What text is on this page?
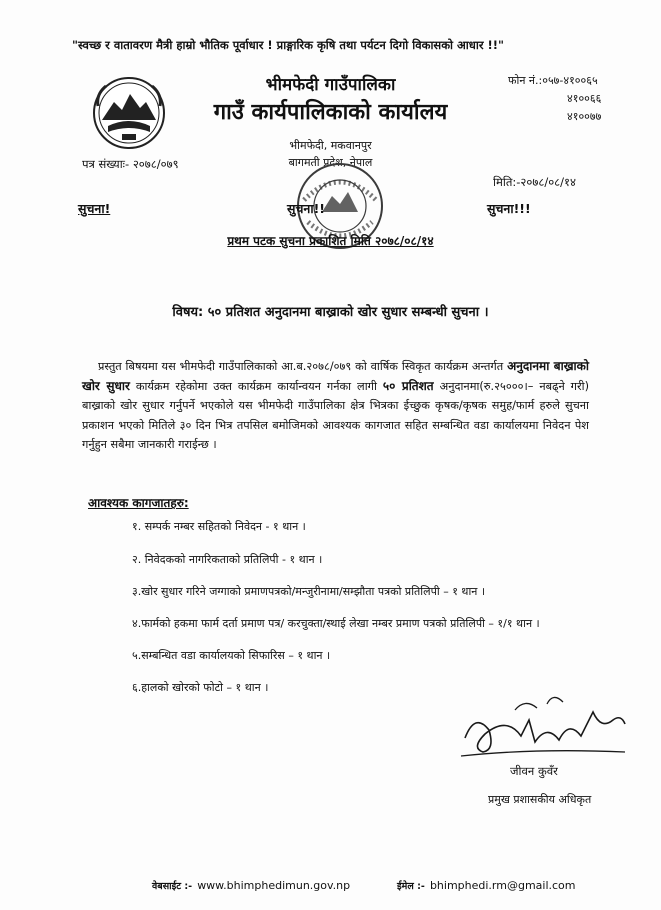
"स्वच्छ र वातावरण मैत्री हाम्रो भौतिक पूर्वाधार ! प्राङ्गारिक कृषि तथा पर्यटन दिगो विकासको आधार !!"
भीमफेदी गाउँपालिका
गाउँ कार्यपालिकाको कार्यालय
फोन नं.:०५७-४१००६५
४१००६६
४१००७७
भीमफेदी, मकवानपुर
बागमती प्रदेश, नेपाल
पत्र संख्याः- २०७८/०७९
मिति:-२०७८/०८/१४
सुचना!	सुचना!!	सुचना!!!
प्रथम पटक सुचना प्रकाशित मिति २०७८/०८/१४
विषय: ५० प्रतिशत अनुदानमा बाख्राको खोर सुधार सम्बन्धी सुचना ।
प्रस्तुत बिषयमा यस भीमफेदी गाउँपालिकाको आ.ब.२०७८/०७९ को वार्षिक स्विकृत कार्यक्रम अन्तर्गत अनुदानमा बाख्राको खोर सुधार कार्यक्रम रहेकोमा उक्त कार्यक्रम कार्यान्वयन गर्नका लागी ५० प्रतिशत अनुदानमा(रु.२५०००।– नबढ्ने गरी) बाख्राको खोर सुधार गर्नुपर्ने भएकोले यस भीमफेदी गाउँपालिका क्षेत्र भित्रका ईच्छुक कृषक/कृषक समुह/फार्म हरुले सुचना प्रकाशन भएको मितिले ३० दिन भित्र तपसिल बमोजिमको आवश्यक कागजात सहित सम्बन्धित वडा कार्यालयमा निवेदन पेश गर्नुहुन सबैमा जानकारी गराईन्छ ।
आवश्यक कागजातहरु:
१. सम्पर्क नम्बर सहितको निवेदन - १ थान ।
२. निवेदकको नागरिकताको प्रतिलिपी - १ थान ।
३.खोर सुधार गरिने जग्गाको प्रमाणपत्रको/मन्जुरीनामा/सम्झौता पत्रको प्रतिलिपी – १ थान ।
४.फार्मको हकमा फार्म दर्ता प्रमाण पत्र/ करचुक्ता/स्थाई लेखा नम्बर प्रमाण पत्रको प्रतिलिपी – १/१ थान ।
५.सम्बन्धित वडा कार्यालयको सिफारिस – १ थान ।
६.हालको खोरको फोटो – १ थान ।
जीवन कुवँर
प्रमुख प्रशासकीय अधिकृत
वेबसाईट :- www.bhimphedimun.gov.np	ईमेल :- bhimphedi.rm@gmail.com
